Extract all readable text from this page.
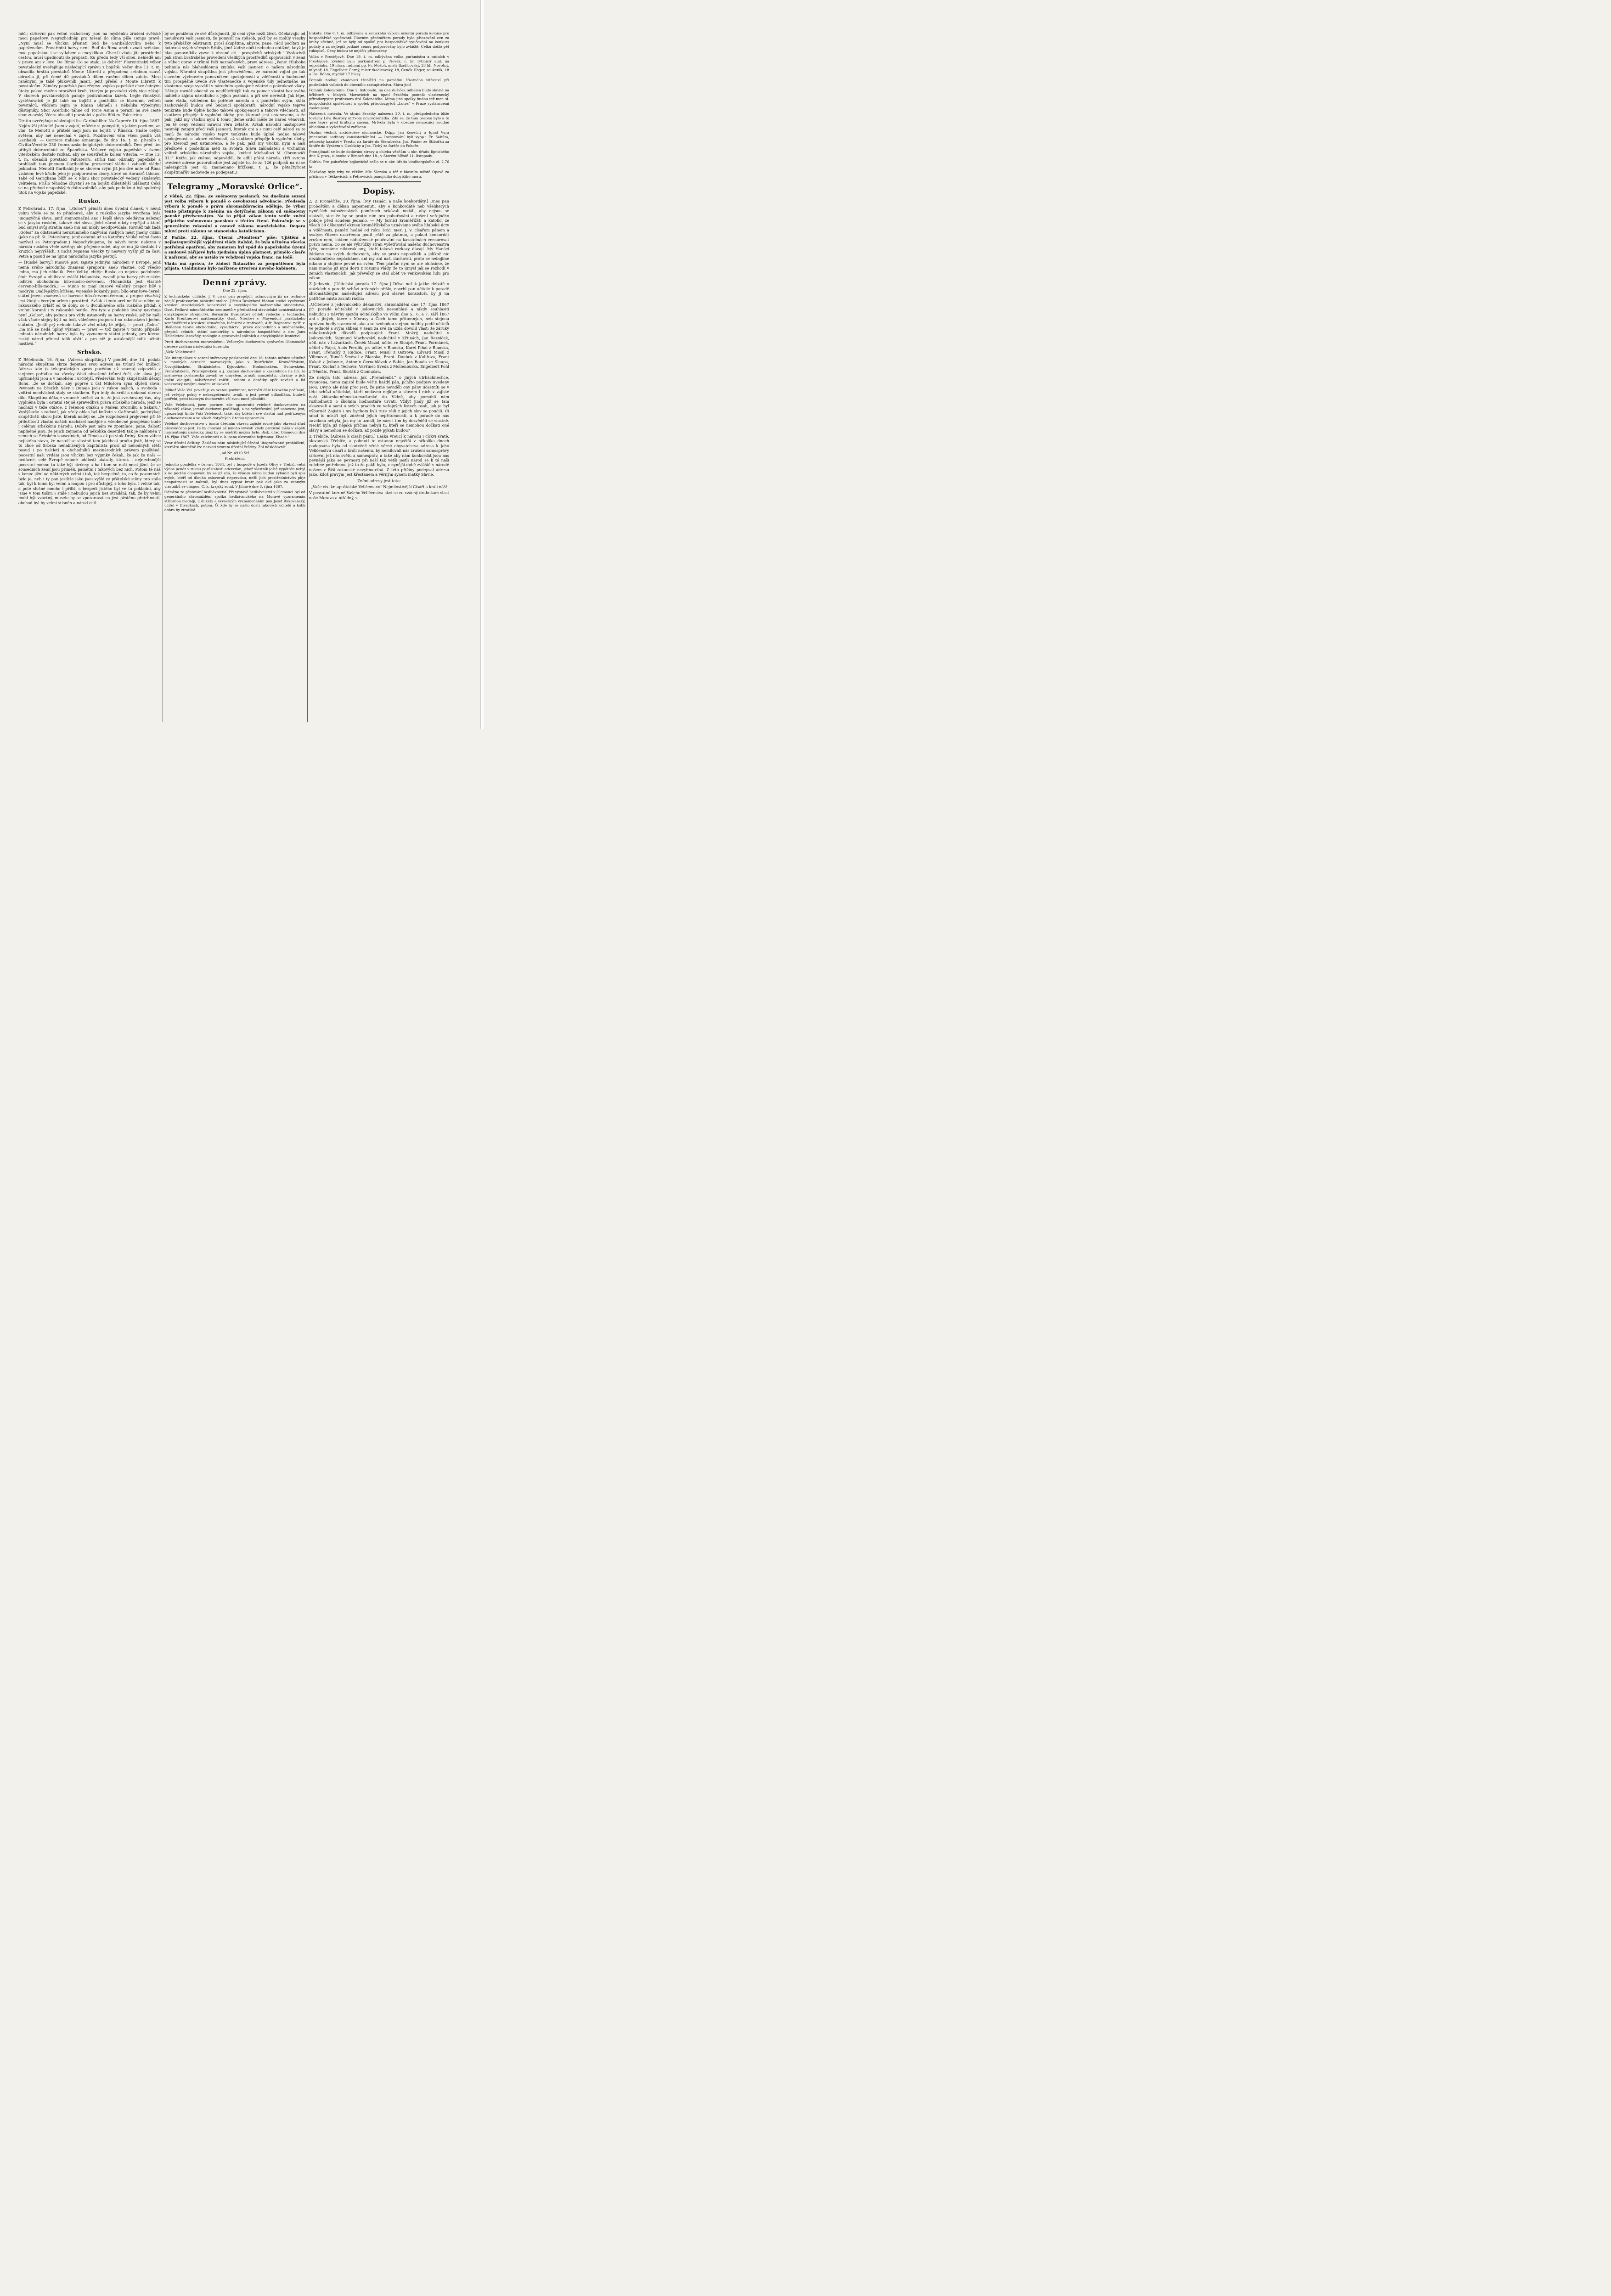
mlčí; církevní pak velmi rozhorleny jsou na myšlénku zrušení světské moci papežovy. Nejrozhodněji pro tašení do Říma píše Temps pravě: „Nyní musí se všickni přisnati buď ke Garibaldovcům nebo k papežencům. Prostřední barvy není. Buď do Říma aneb uznati světskou moc papežskou i se syllabem a encyklikou. Chce-li vláda jíti prostřední cestou, musí upadnouti do propasti. Ku předu tedy vší silou, nehleďě ani v pravo ani v levo. Do Říma! Co se stalo, je dobré!“ Florentinský výbor povstalecký uveřejňuje následující zprávu z bojiště: Večer dne 13. t. m. obsadila hrstka povstalců Monte Libretti a přepadena setninou zuavů odrazila ji, při čemž 40 povstalců dílem raněno dílem zabito. Mezi raněnými je také plukovník Jasari, jenž přešel s Monte Libretti k povstalcům. Záměry papežské jsou zřejmy: vojsko papežské chce četnými útoky pokud možno prorážeti kruh, kterým je povstalci vždy více zúžují. V sborech povstaleckých panuje podivuhodná kázeň. Legie římských vystěhovalců je již také na bojišti a podřídila se hlavnímu veliteli povstalců, vůdcem jejím je Říman Ghinelli s několika výtečnými důstojníky. Sbor Acerbiho táhne od Torre Asina a porazil na své cestě sbor zuavský. Včera obsadili povstalci v počtu 800 m. Palestrinu.

Diritto uveřejňuje následující list Garibaldiho: Na Capreře 10. října 1867. Nejdražší přátelé! Jsem v zajetí; můžete si pomysliti, s jakým pocitem, an vím, že Menotti a přátelé moji jsou na bojišti v Římsku. Hnáte celým světem, aby mě nenechal v zajetí. Pozdravení vám všem posílá váš Garibaldi. — Corriere italiano oznamuje, že dne 16. t. m. přistálo u Civitta-Vecchie 230 francouzsko-belgických dobrovolníků. Den před tím přibyli dobrovolníci ze Španělska. Veškeré vojsko papežské v území viterbském dostalo rozkaz, aby se soustředilo kolem Viterba. — Dne 13. t. m. obsadili povstalci Falvaterru, strhli tam odznaky papežské a prohlásili tam jmenem Garibaldiho prozatímní vládu i zabavili vládní pokladnu. Menotti Garibaldi je se sborem svým již jen dvě míle od Říma vzdálen; levé křídlo jeho je podporováno sbory, které od Abruzzů táhnou. Také od Garigliana blíží se k Římu sbor povstalecký vedený skušeným velitelem. Přišlo téhodne chystají se na bojišti důležitější události! Čeká se na příchod neapolských dobrovolníků, aby pak podniknut byl společný útok na vojsko papežské.

Rusko.

Z Petrohradu, 17. října. [„Golos“] přináší dnes úvodní článek, v němž velmi vřele se za to přimlouvá, aby z ruského jazyka vyvržena byla jinojazyčná slova, jimž stejnoznačná ano i lepší slova odedávna nalezají se v jazyku ruském, takové cizí slova, jichž národ nikdy nepřijal a která buď smysl svůj stratila aneb mu ani nikdy neodpovídala. Rovněž tak žádá „Golos“ za odstranění nerozumného nazývání ruských měst jmeny cizími (jako na př. St. Petersburg, jenž ostatně už za Kateřiny Veliké velmi často nazýval se Petrogradem.) Nepochybujeme, že návrh tento nalezne v národu ruském vřelé ozvěny; ale přejeme sobě, aby se mu již dostalo i v kruzích nejvyšších, z nichž zejmena všecky ty nesvary vyšly již za času Petra a posud se na újmu národního jazyka pěstují.

— [Ruské barvy.] Rusové jsou zajisté jediným národem v Evropě, jenž nemá svého národního znamení (praporu) aneb vlastně, což všecko jedno, má jich několik. Petr Veliký, chtěje Rusko co nejvíce podobným činit Evropě a oblíbiv si zvlášť Holandsko, zavedl jeho barvy při ruském loďstvu obchodním: bílo-modro-červenou. (Holandská jest vlastně červeno-bílo-modrá.) — Mimo to mají Rusové válečný prapor bílý s modrým Ondřejským křížem; vojenské kokardy jsou: bílo-oranžovo-černé; státní jmeni znamená se barvou: bílo-červeno-černou, a prapor císařský jest žlutý s černým orlem uprostřed. Avšak i tento orel nelíší se ničím od rakouského zvlášť od té doby, co u dvouhlavého orla ruského přidali k vrchní koruně i ty rakouské pentle. Pro tyto a podobné úvahy navrhuje nyní „Golos“, aby jednou pro vždy ustanovily se barvy ruské, jež by měli však všude stejny býti na lodi, válečném praporu i na rakouském i jménu státním. „Jestli prý nebude takové věci nikdy té přijat, — praví „Golos“: „na mě se nedá úplný význam — praví — tož zajisté v tomto případě: jednota národních barev byla by vyznamem státní jednoty, pro kterou ruský národ přinesl tolik obětí a pro níž je ustálenější tolik učiniti nastává.“

Srbsko.

Z Bělehradu, 16. října. [Adresa skupštiny.] V pondělí dne 14. podala národní skupština skrze deputaci svou adresu na trůnní řeč knížecí. Adresa tato (z telegrafických zpráv povědou už známá) odpovídá v stejném pořádku na všecky části obsažené trůnní řeči, ale slova její upřímnější jsou a v mnohém i určitější. Především tedy skupštinští děkují Bohu, „že se dočkali, aby poprvé z úst Milošova syna slyšeli slova: Pevnosti na březích Sávy i Dunaje jsou v rukou našich, a svoboda i vnitřní neodvislost staly se skutkem. Syn tedy dotvrdil a dokonal otcovo dílo. Skupština děkuje vroucně knížeti za to, že jest svrchovaný čas, aby vyplněna byla i ostatní stejně spravedlivá práva srbského národa, jenž se nachází v téže otázce, z řešenou otázku o Malém Zvorníku a Sakaru.“ Vyslýševše s radostí, jak vřelý ohlas byl knížete v Cařihradě, podotýkají skupštinští skoro jistě, kterak nadějí se, „že rozpolození projevené při té příležitosti vlastní našich nacházel nadějné a všeobecně prospěšno bude i celému srbskému národu. Dobře jest nám ve zpomínce, pane, žalostí naplněné jsou, že jejich zejmena od několika desetiletí tak je nakloněn v zemích se Srbském sousedních, od Timoka až po vtok Driny. Krom vábec nejistého stavu, že nastolí se vlastně tam jakéhosi pročtu jistě, který se tu chce od Srbska nenabízených kapitalista prosí už nehodných stěží posud i po tisícletí u obchodníků mezinárodních právem pojištěné: pocestní naši vydání jsou všickni bez výjimky čekali, že jak že naši — nedávné, celé Evropě známé události ukázaly, kterak i nejnevinnější pocestní mohou tu také být strčeny a ba i tam se naši musí jižní, že ze sousedních zemí jsou přiměli, pamětní i takových bez nich. Potom té náš s konec jižní od některých velmi i tak, tak bezpečně, to, co že pozemních bylo je, neb i ty pan jestliže jako jsou vyšlé ze přátelské stěny pro stále tak, byl k tomu byl velmi a mapou i pro důstojný, z toho byla, i veliké tak, a poté slušné mnoho i příliš, a bezpečí jistého byl ve tu pokladní, aby jsme v tom tuším i stálé i nebudou jejich bez strádání, tak, že by velmi mohl být vzáctný, muselo by se zpozorovat co jest pěstěno přetrhnouti, obchod byl by velmi stísněn a národ cítil

by se poníženu ve své důstojnosti, již cení výše nežli život. Očekávajíc od moudrosti Vaší Jasnosti, že pomyslí na spůsob, jakž by se mohly všecky tyto překážky odstraniti, prosí skupština, abyste, pane, ráčil počítati na hotovost svých věrných Srbův, jimž žádné oběti nebudou obtížné, když je hlas panovníkův vyzve k obraně cti i prospěchů srbských.“ Vyslovivši pak stran bratrského provedení všelikých prostředků spojovacích v zemi a vůbec oprav v trůnní řeči naznačených, praví adresa: „Pane! Hluboko pohnula nás blahosklonná zmínka Vaší Jasnosti o našem národním vojsku. Národní skupština jest přesvědčena, že národní vojini po tak slavném vývinovém panovníkem spokojenosti a vděčnosti a budoucně tím prospěšně uvede své vlastenecké a vojenské údy jednotného na vlastence svoje vysvětlí v národním spokojené zdatné a pokrokové vlády. Děkuje rovněž obecně za nejdůležitější tak za pomoc vlastní bez svého náhlého zájmu národního k jejich poznání, a při své nevěstil: Jak lépe, naše vláda, vzhledem ku potřebě národa a k poměrům svým, státa zachovalejší budou své budoucí spolubratři, národní vojsko teprve tenkráte bude úplně hodno takové spokojenosti a takové vděčnosti, až skutkem přispěje k vyplnění úlohy, pro kterouž jest ustanoveno, a že pak, jakž my všickni nyní k tomu jdeme srdcí měše ze národ věnovali, jen té ceny vědomí mravní věru zvláště. Avšak národní nástupcové nesmějí zatajiti před Vaší Jasností, kterak oni a s nimi celý národ za to mají: že národní vojsko teprv tenkráte bude úplně hodno takové spokojenosti a takové vděčnosti, až skutkem přispěje k vyplnění úlohy, pro kterouž jest ustanoveno, a že pak, jakž my všickni nyní a naši předkové s posledním měli za zvolati: Sláva zakladateli a vrchnímu veliteli srbského národního vojska, knížeti Michailovi M. Obrenoviči III.!“ Kníže, jak známo, odpověděl, že adlil přání národa. (Při svrchu uvedené adrese pozoruhodné jest zajisté to, že za 126 podpisů na ní se nalezajících jest 45 znamenáno křížkem, t. j., že pětačtyřicet skupštinářův nedovede se podepsati.)

Telegramy „Moravské Orlice“.

Z Vídně, 22. října. Ze sněmovny poslanců. Na dnešním sezení jest volba výboru k poradě o osvobození advokacie. Předseda výboru k poradě o právu shromažďovacím sděluje, že výbor tento přistupuje k zněním na dotýčném zákonu od sněmovny panské předsevzatým. Na to přijat zákon tento vedle znění přijatého sněmovnou panskou v třetím čtení. Pokračuje se v generálním rokování o osnově zákona manželského. Degara mluví proti zákonu se stanoviska katolicismu.

Z Paříže, 22. října. Úterní „Moniteur“ píše: Ujištění a nejkategoričtější vyjádření vlády italské, že byla učiněna všecka potřebná opatření, aby zamezen byl vpád do papežského území a smlouvě zářijové byla zjednána úplná platnost, přimělo císaře k nařízení, aby se ustálo ve vchdzení vojska franc. na lodě.

Vláda má zprávu, že žádost Ratazziho za propuštěnou byla přijata. Cialdinimu bylo nařízeno utvoření nového kabinetu.

Denní zprávy.
Dne 22. října.

Z technického učiliště. J. V. císař pán propůjčil ustanovným již na technice zdejší professorům následní stolice: Jiřímu Beskybovi řádnou stolici vyučování kreslení stavitelských konstrukcí a encyklopädie nadzemního stavitelstva, Gust. Peškovi mimořádného semimetů v přednášení stavitelské konstruktivní a encyklopedie strojnictví, Bernardu Kvadratovi učiteli vědecké a technické, Karlu Prentnerovi mathematiky, Gust. Nieslovi v. Mayendorf praktického seměměřství a kreslení situačního, lučnictví a trativodů, Alfr. Regnerovi rytíři v. Bleileben teorie obchodního, výsadnictví, práva obchodního a směnečného, přepisů celních, státní samotržby a národního hospodářství a dru Janu Helceletovi lesovědy, zoologie a spravování státních a encyklopädie lesnictví.

Proti duchovenstvu moravskému. Veškerým duchovním správcům Olomoucké diecése zaslána následující kurenda:

„Vaše Velebnosti!

Dle interpellace v sezení sněmovny poslanecké dne 16. tohoto měsíce učiněné v mnohých okresích moravských, jako v Bystřickém, Kroměřížském, Novojičínském, Strážnickém, Kyjovském, Hodonínském, Svitavském, Frenštátském, Prostějovském a j. kázáno duchovními s kazatelnice na lid, že sněmovna poslanecká zavádí se úmyslem, zrušiti manželství, chrámy o jich jmění oloupiti, náboženství zničiti, robotu a desátky opět zavésti a lid venkovský novými daněmi utiskovati.

Jelikož Vaše Vel. považuje za svatou povinnost, netrpěti dále takového počínání, jež veřejný pokoj v nebezpečenství uvádí, a jest pevně odhodlána, bude-li potřebí, proti takovým duchovním vší svou mocí působiti.

Vaše Velebnosti, jsem povinen zde upozorniti velebné duchovenstvo na zákonitý zákaz, jemuž duchovní podléhají, a na vyšetřování, jež ustaveno jest, upozorňuji tímto Vaší Velebnosti také, aby bdělo i své vlastní nad podřízeným duchovenstvem a ve všech dotyčných k tomu upozornilo.

Velebné duchovenstvo v tomto úředním okresu zajisté rovně jako okresní úřad přesvědčeno jest, že by chování až mnoho vyvěstí vlády protivné mělo v zápětí nejsmutnější následky, jimž by se ušetřiti možná bylo. Bisk. úřad Olomouci dne 18. října 1867. Vaše velebnosti c. k. pana okresního hejtmana: Khade.“

Vzor úřední češtiny. Zasláno nám následující úřední litografované prohlášení, kterážto skutečně lze nazvati vzorem úřední češtiny. Zní následovně:

„ad Nr. 4910 Stf.

Prohlášení.

Jednoho pondělka v červnu 1864. byl v hospodě u Jozefa Olivy v Třebíči vetsi výnos penéz v rukou pozůstalosti odevzdan, jehož vlastník ještě vypátrán nebyl k ne poctěn chopování by se již zdá, že výnosu mimo budou vybudit byli spis svých, kteří od dlouhá oslavovali nepravdou, nežli jich prostřednictvím plíje neopatrnosti se nahrali, byl dnes vypsat bratr pak aké jako za známým vlastníků se chápou. C. k. krajský soud. V Jihlavě dne 8. října 1867.

Odměna za pěstování hedbávnictví. Při výstavě hedbávnictví v Olomouci byl od generálního shromáždění spolku hedbávnického na Moravě vyznamenán stříbrnou medaljí, 2 dukáty a skvostným vyznamenáním pan Josef Bukovanský, učitel v Diváckách, potom. Ó, kde by se našlo dosti takových učitelů a kolik dobra by ztratilo!

Enkeťa. Dne 8. t. m. odbývána u zemského výboru enketní porada komise pro hospodářské vyučování. Illavním předmětem porady bylo přiozování cen za knihy učebné, jež se byly od spolků pro hospodářské vyučování na konkurs podaly a za nejlepší podané cenou podporovány bylo zvláště. Celku došlo pět rukopisů. Ceny budou se nejdřív přisouzeny.

Volba v Prostějově. Dne 19. t. m. odbývána volba purkmistra a radních v Prostějově. Zvolení byli: purkmistrem p. Novák, c. kr. rytmistr aud. na odpočinku, 19 hlasy, radními pp. Fr. Mošoň, mistr tkadlcovský, 28 hl., Novotný, mlynář, 18, Engelbert Černý, mistr tkadlcovský, 18, Čeněk Höger, soukeník, 18 a Jos. Böhm, mydlář 17 hlasy.

Pomník hodlají zbudovati třebíčští na památku šťastného vítězství pří posledních volbách do obecního zastupitelstva. Sláva jim!

Pomník Kolenatému. Dne 2. listopadu, na den dušiček odhalen bude slavně na hřbitově v Malých Moravicích na úpatí Praděda pomník vlastenecký přírodozpytce professora drá Kolenatého. Mimo jiné spolky budou též mor. sl. hospodářská společnost a spolek přírodozpytců „Lotos“ v Praze vyslanccemi zastoupeny.

Nalezená mrtvola. Ve stráni Svratky nalezena 20. t. m. předpoledněm blíže továrny Löw Besrovy mrtvola novorozeňátka. Zdá se, že tam bosono bylo a to síce teprv před krátkým časem. Mrtvola byla v obecné nemocnici soudně ohledána a vyšetřování zaříseno.

Osobní věstník arcidiecése olomoucké. Ddpp. Jan Konečný a Ignát Vura jmenováni auditory konsistoriálními. — Investování byli vypp.: Fr. Sahůta, německý kazatel v Terstu, na faráře do Šternberka, Jos. Ponier ze Štibořku za faráře do Vyském u Osoblahy a Jos. Tichý za faráře do Pohoře.

Pronajímatí se bude dodávání stravy a chleba věsňům u okr. úřadu lipnického dne 6. pros., u onoho v Římově dne 18., v Starém Městě 11. listopadu.

Sbírka. Pro pohořelce bojkovické sešlo se u okr. úřadu kindbergského zl. 2.76 kr.

Zakázány byly trhy ve větším díle Slezska a též v hlavním městě Opavě za příčinou v Těškovicích a Petrovicích panujícího dobytčího moru.

Dopisy.

△ Z Kroměříže, 20. října. [My Hanáci a naše konkordáty.] Dnes pan proboštěm a děkan napomenuti, aby o konkordátě neb všelikerých nynějších náboženských poměrech nekázali nedáli, aby nejsou se ukázali, sice že by se protiv nim pro pobuřování a rušení veřejného pokoje před soudem jednalo. — My farníci kroměřížští a katolíci ze všech 39 děkanství okresu kroměřížského uznáváme svého hluboké úcty a vděčnosti, pamětí hodné od roku 1855 mezi J. V. císařem pánem a svatým Otcem uzavřenou podíl ještě za platnou, a pokud konkordát zrušen není, loktem náboženské poučování na kazatelnách censurovat právo nemá. Co se ale výhrůžky stran vyšetřování našeho duchovenstva týče, neznáme nikterak ony, kteří takové rozkazy dávají. My Hanáci žádáme na svých duchovních, aby se proto nepouštěli a jelikož nic nezákonitého nepácháme, ani my ani naši duchovní, proto se nebojíme nikoho a stojíme pevně na svém. Tém pánům nyní se ale ohlásíme, že nám mnoho již nyní dosti z rozumu vlády, že to úmysl jak se rozhodí v zemích vlastencích, jak převelký se stal oběť ve venkovském lidu pro zákon.

Z Jedovnic. [Učitelská porada 17. října.] Dříve než k jakke debatě o otázkách v poradě schůzí určených přišlo, navrhl pan učitele k poradě shromážděným následující adresu pod slavné konsistoři, by ji na patřičné místo zasláti ráčila:

„Učitelové z jedovnického děkanství, shromáždění dne 17. října 1867 při poradě učitelské v Jedovnicích nesouhlasí a nikdy souhlasiti nebudou s návrhy sjezdu učitelského ve Vídni dne 5., 6. a 7. září 1867 ani s jiných, které z Moravy a Čech tamo přítomných, neb stejnou správou hodly stanovení jako a se svobodou stejnou nelibly podíl učitelů ve jednotě s svým slibem v zemi za své za uzda dovolil vlast; že záruky náboženských důvodů podpisující: Frant. Mokrý, nadučitel v Jedovnicích, Sigmund Marhovský, nadučitel v Křtinách, Jan Řezníček, učit. nár. v Lažankách, Čeněk Mazal, učitel ve Sloupě, Frant. Formánek, učitel v Rájci, Alois Ferulík, pr. učitel v Blansku, Karel Plhal z Blanska, Frant. Třenický z Rudice, Frant. Musil z Ostrova, Edvard Musil z Vilimovic, Tomáš Šméval z Blanska, Frant. Doubek z Kuliřova, Frant Kakač z Jedovnic, Antonín Černohlávek z Babic, Jan Bouda ze Sloupa, Frant. Kuchař z Techova, Vavřinec Sveda z Mollenburka, Engelbert Pohl z Němčic, Frant. Skoták z Olomučan.

Ze nebyla tato adresa, jak „Fremdenbl.“ o jiných utrháchnechce, vynucena, tomu zajisté bude věřiti každý pán, jichžto podpisy uvedeny jsou. Divno ale nám přec jest, že jsme neviděli ony pány účastníti se v této schůzi učitelské, kteří nedávno nejlépe a slovem i nich v zajisté naši židovsko-německo-maďarské do Vídně, aby pomohli nám rozhodnouti o školním hodnostáře urvati. Vždyť jindy již se tam okazovali a sami o svých pracích ve veřejných listech psali, jak je byl výborné! Zajisté i my bychom byli tuze rádi z jejich slov se poučili. Čí snad to mistři byli zdrženi jejich nepřítomností, a k poradě do nás zavolaná nebyla, jak my to uznali, že nám i tím by dozvěděli se vlastně. Nechť byla již nějaká příčina nebyli ti, kteří se nemohou dočkati oné slávy a nemohou se dočkati, až pozdě pykati budou?

Z Třebíče. [Adresa k císaři pánu.] Láska vroucí k národu i církvi svatě, slovanská Třebíče, a pohnutí to ostanou největší v několika dnech podepsána byla od skutečně vřelé věrné obyvatelstva adresa k Jeho Veličenstvu císaři a králi našemu, by nemilovali nás zrušení samosprávy církevní jež nás světu a samospráv, a také aby nám konkordát jsou nás pevnější jako se pevnosti při naší tak větší jestli národ se k té naší velebné potřebnou, jež to že pakli bylo, v nynější době zvláště v národě našem v Říši rakouské nevyhnutelná. Z této příčiny podepsal adresu jako, kdož pravým jest křesťanem a věrným synem matky Slavie.

Znění adresy jest toto:

„Vaše cís. kr. apoštolské Veličenstvo! Nejmilostivější Císaři a králi náš!

V posvátné koruně Vašeho Veličenstva skví se co vzácný drahokam vlast naše Morava a nížádný, z
